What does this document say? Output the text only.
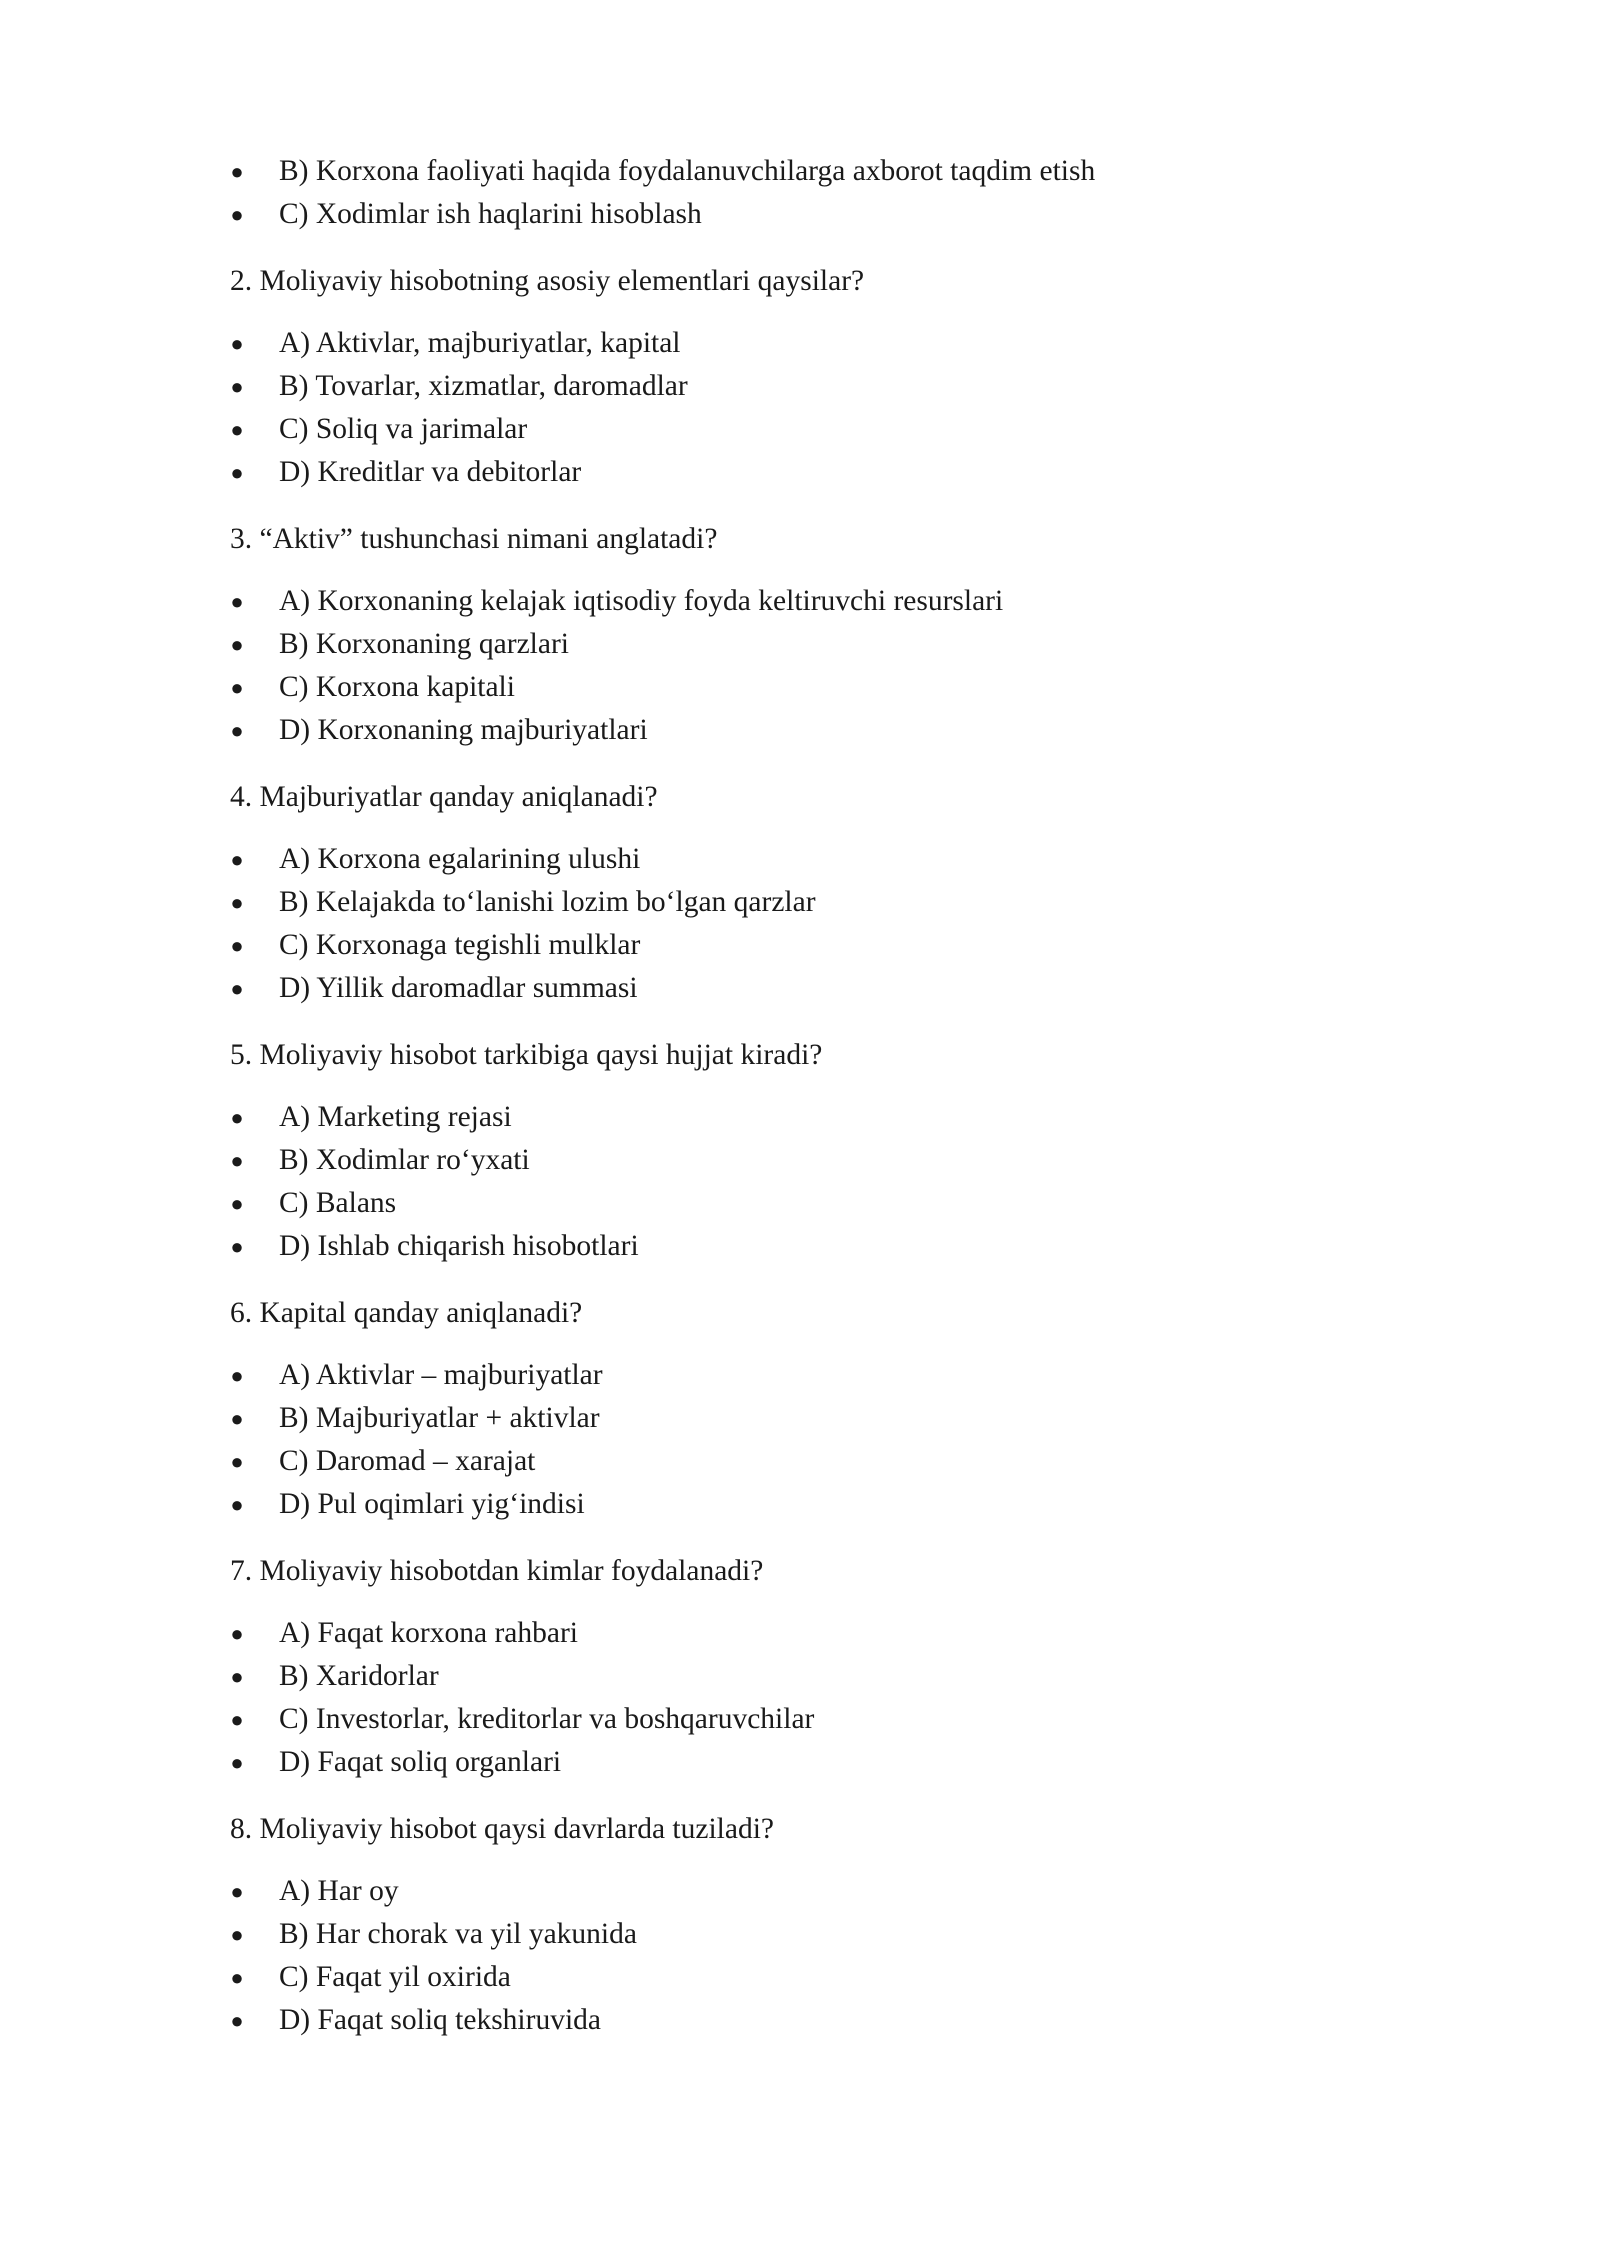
● B) Korxona faoliyati haqida foydalanuvchilarga axborot taqdim etish
● C) Xodimlar ish haqlarini hisoblash
2. Moliyaviy hisobotning asosiy elementlari qaysilar?
● A) Aktivlar, majburiyatlar, kapital
● B) Tovarlar, xizmatlar, daromadlar
● C) Soliq va jarimalar
● D) Kreditlar va debitorlar
3. “Aktiv” tushunchasi nimani anglatadi?
● A) Korxonaning kelajak iqtisodiy foyda keltiruvchi resurslari
● B) Korxonaning qarzlari
● C) Korxona kapitali
● D) Korxonaning majburiyatlari
4. Majburiyatlar qanday aniqlanadi?
● A) Korxona egalarining ulushi
● B) Kelajakda to‘lanishi lozim bo‘lgan qarzlar
● C) Korxonaga tegishli mulklar
● D) Yillik daromadlar summasi
5. Moliyaviy hisobot tarkibiga qaysi hujjat kiradi?
● A) Marketing rejasi
● B) Xodimlar ro‘yxati
● C) Balans
● D) Ishlab chiqarish hisobotlari
6. Kapital qanday aniqlanadi?
● A) Aktivlar – majburiyatlar
● B) Majburiyatlar + aktivlar
● C) Daromad – xarajat
● D) Pul oqimlari yig‘indisi
7. Moliyaviy hisobotdan kimlar foydalanadi?
● A) Faqat korxona rahbari
● B) Xaridorlar
● C) Investorlar, kreditorlar va boshqaruvchilar
● D) Faqat soliq organlari
8. Moliyaviy hisobot qaysi davrlarda tuziladi?
● A) Har oy
● B) Har chorak va yil yakunida
● C) Faqat yil oxirida
● D) Faqat soliq tekshiruvida
